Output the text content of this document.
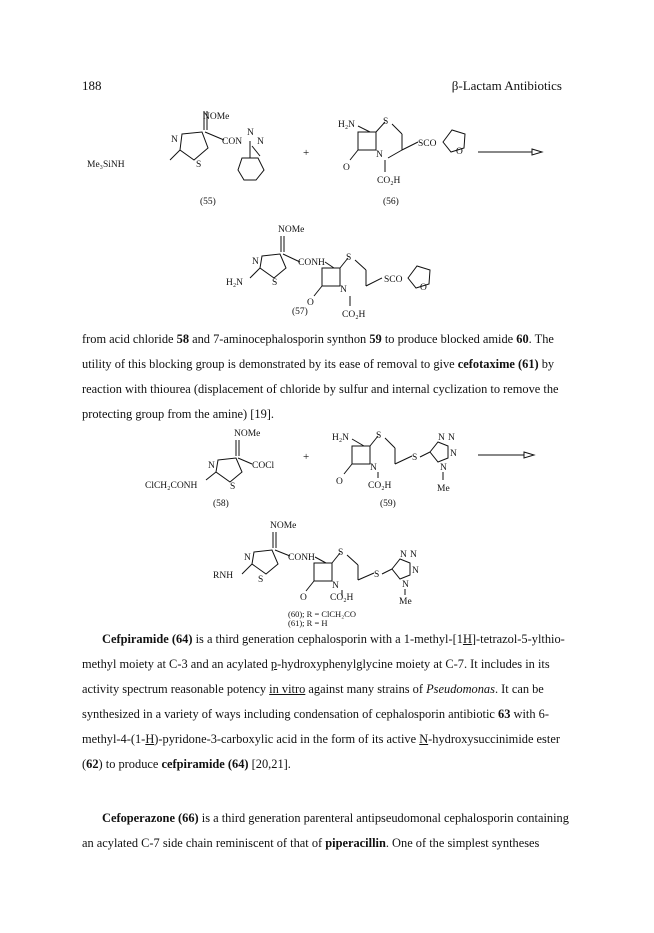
188	β-Lactam Antibiotics
NOMe
N
S
CON
N
N
Me₃SiNH
(55)
+
H₂N	S
N
O
SCO
O
CO₂H
(56)
NOMe
N
S
H₂N
CONH S
N
O
SCO
O
CO₂H
(57)

from acid chloride 58 and 7-aminocephalosporin synthon 59 to produce blocked amide 60. The utility of this blocking group is demonstrated by its ease of removal to give cefotaxime (61) by reaction with thiourea (displacement of chloride by sulfur and internal cyclization to remove the protecting group from the amine) [19].

NOMe
N
S
COCl
ClCH₂CONH
(58)
+
H₂N	S
N
O
S
N N
N
N
Me
CO₂H
(59)
NOMe
N
S
RNH
CONH S
N
O
S
N N
N
N
Me
CO₂H
(60); R = ClCH₂CO
(61); R = H

Cefpiramide (64) is a third generation cephalosporin with a 1-methyl-[1H]-tetrazol-5-ylthio-methyl moiety at C-3 and an acylated p-hydroxyphenylglycine moiety at C-7. It includes in its activity spectrum reasonable potency in vitro against many strains of Pseudomonas. It can be synthesized in a variety of ways including condensation of cephalosporin antibiotic 63 with 6-methyl-4-(1-H)-pyridone-3-carboxylic acid in the form of its active N-hydroxysuccinimide ester (62) to produce cefpiramide (64) [20,21].

Cefoperazone (66) is a third generation parenteral antipseudomonal cephalosporin containing an acylated C-7 side chain reminiscent of that of piperacillin. One of the simplest syntheses
